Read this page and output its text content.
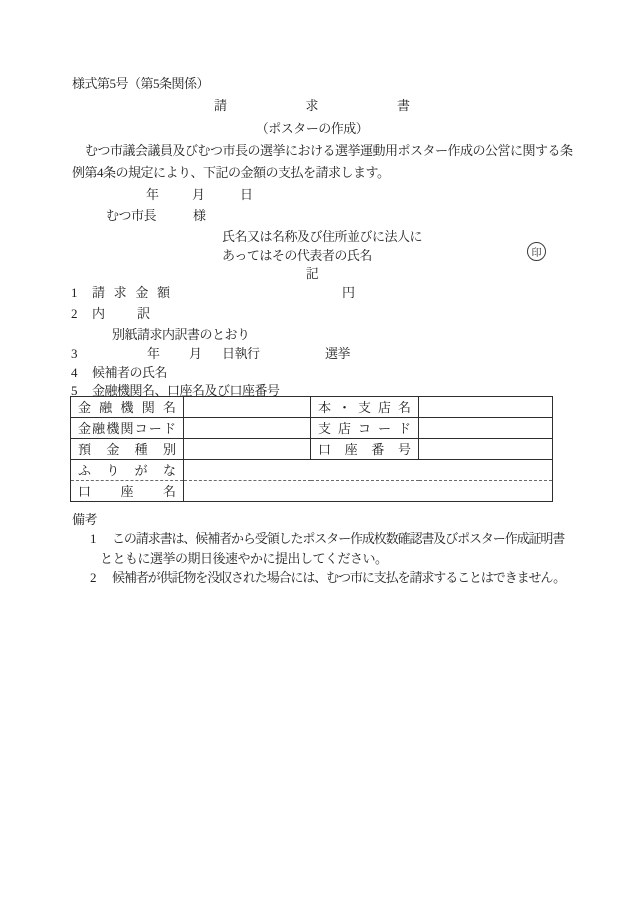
様式第5号（第5条関係）
請	求	書
（ポスターの作成）
むつ市議会議員及びむつ市長の選挙における選挙運動用ポスター作成の公営に関する条
例第4条の規定により、下記の金額の支払を請求します。
年	月	日
むつ市長	様
氏名又は名称及び住所並びに法人に
あってはその代表者の氏名	印
記
1 請 求 金 額	円
2 内 訳
別紙請求内訳書のとおり
3	年 月 日執行	選挙
4 候補者の氏名
5 金融機関名、口座名及び口座番号
金 融 機 関 名		本 ・ 支 店 名	

金 融 機 関 コ ー ド		支 店 コ ー ド

預 金 種 別		口 座 番 号	

ふ り が な			

口 座 名			

備考
1 この請求書は、候補者から受領したポスター作成枚数確認書及びポスター作成証明書
とともに選挙の期日後速やかに提出してください。
2 候補者が供託物を没収された場合には、むつ市に支払を請求することはできません。
